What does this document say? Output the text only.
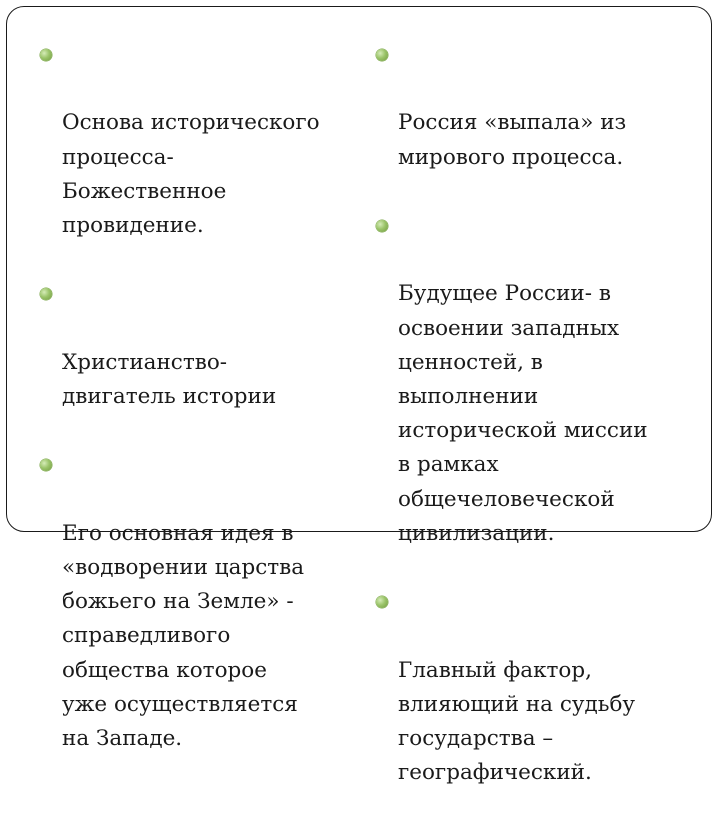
Основа исторического
процесса-
Божественное
провидение.

Христианство-
двигатель истории

Его основная идея в
«водворении царства
божьего на Земле» -
справедливого
общества которое
уже осуществляется
на Западе.

Россия «выпала» из
мирового процесса.

Будущее России- в
освоении западных
ценностей, в
выполнении
исторической миссии
в рамках
общечеловеческой
цивилизации.

Главный фактор,
влияющий на судьбу
государства –
географический.
